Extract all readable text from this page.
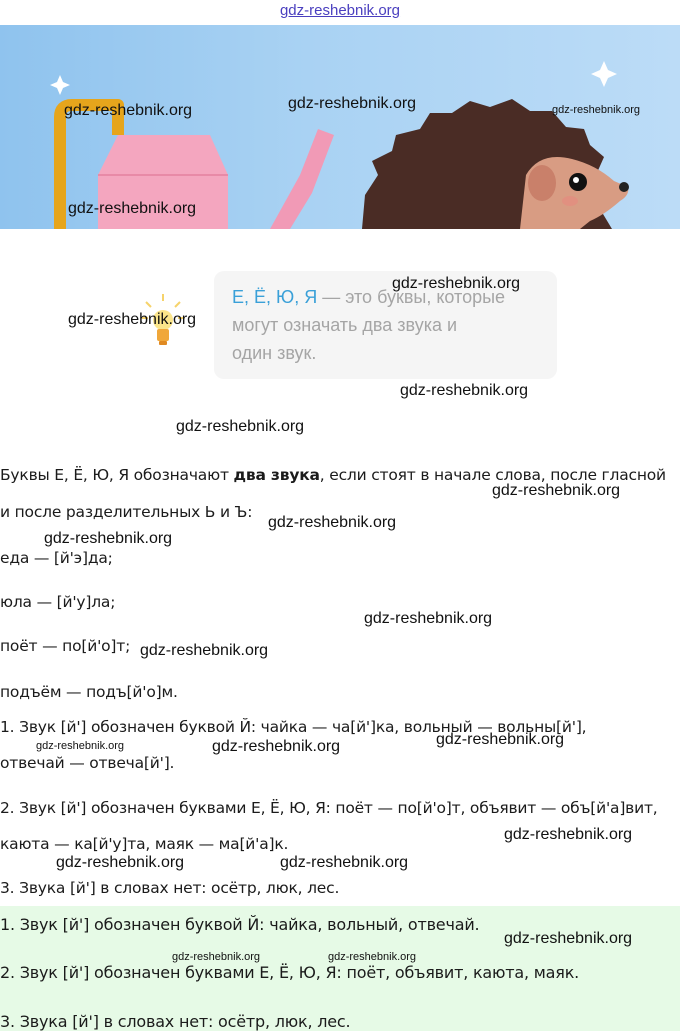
gdz-reshebnik.org
gdz-reshebnik.org	gdz-reshebnik.org	gdz-reshebnik.org
gdz-reshebnik.org
Е, Ё, Ю, Я — это буквы, которые
могут означать два звука и
один звук.
gdz-reshebnik.org
gdz-reshebnik.org
gdz-reshebnik.org
gdz-reshebnik.org
Буквы Е, Ё, Ю, Я обозначают два звука, если стоят в начале слова, после гласной
gdz-reshebnik.org
и после разделительных Ь и Ъ:
gdz-reshebnik.org
gdz-reshebnik.org
еда — [й'э]да;
юла — [й'у]ла;
gdz-reshebnik.org
поёт — по[й'о]т; gdz-reshebnik.org
подъём — подъ[й'о]м.
1. Звук [й'] обозначен буквой Й: чайка — ча[й']ка, вольный — вольны[й'],
gdz-reshebnik.org	gdz-reshebnik.org	gdz-reshebnik.org
отвечай — отвеча[й'].
2. Звук [й'] обозначен буквами Е, Ё, Ю, Я: поёт — по[й'о]т, объявит — объ[й'а]вит,
gdz-reshebnik.org
каюта — ка[й'у]та, маяк — ма[й'а]к.
gdz-reshebnik.org	gdz-reshebnik.org
3. Звука [й'] в словах нет: осётр, люк, лес.
1. Звук [й'] обозначен буквой Й: чайка, вольный, отвечай.
gdz-reshebnik.org
gdz-reshebnik.org	gdz-reshebnik.org
2. Звук [й'] обозначен буквами Е, Ё, Ю, Я: поёт, объявит, каюта, маяк.
3. Звука [й'] в словах нет: осётр, люк, лес.
